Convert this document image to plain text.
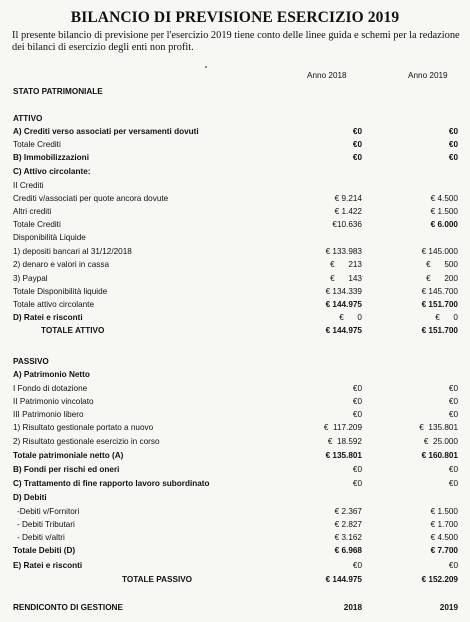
BILANCIO DI PREVISIONE ESERCIZIO 2019
Il presente bilancio di previsione per l'esercizio 2019 tiene conto delle linee guida e schemi per la redazione dei bilanci di esercizio degli enti non profit.
Anno 2018	Anno 2019
STATO PATRIMONIALE
ATTIVO
A) Crediti verso associati per versamenti dovuti	€0	€0
Totale Crediti	€0	€0
B) Immobilizzazioni	€0	€0
C) Attivo circolante:
II Crediti
Crediti v/associati per quote ancora dovute	€ 9.214	€ 4.500
Altri crediti	€ 1.422	€ 1.500
Totale Crediti	€10.636	€ 6.000
Disponibilità Liquide
1) depositi bancari al 31/12/2018	€ 133.983	€ 145.000
2) denaro e valori in cassa	€      213	€      500
3) Paypal	€      143	€      200
Totale Disponibilità liquide	€ 134.339	€ 145.700
Totale attivo circolante	€ 144.975	€ 151.700
D) Ratei e risconti	€      0	€      0
TOTALE ATTIVO	€ 144.975	€ 151.700
PASSIVO
A) Patrimonio Netto
I Fondo di dotazione	€0	€0
II Patrimonio vincolato	€0	€0
III Patrimonio libero	€0	€0
1) Risultato gestionale portato a nuovo	€  117.209	€  135.801
2) Risultato gestionale esercizio in corso	€  18.592	€  25.000
Totale patrimoniale netto (A)	€ 135.801	€ 160.801
B) Fondi per rischi ed oneri	€0	€0
C) Trattamento di fine rapporto lavoro subordinato	€0	€0
D) Debiti
-Debiti v/Fornitori	€ 2.367	€ 1.500
- Debiti Tributari	€ 2.827	€ 1.700
- Debiti v/altri	€ 3.162	€ 4.500
Totale Debiti (D)	€ 6.968	€ 7.700
E) Ratei e risconti	€0	€0
TOTALE PASSIVO	€ 144.975	€ 152.209
RENDICONTO DI GESTIONE	2018	2019
